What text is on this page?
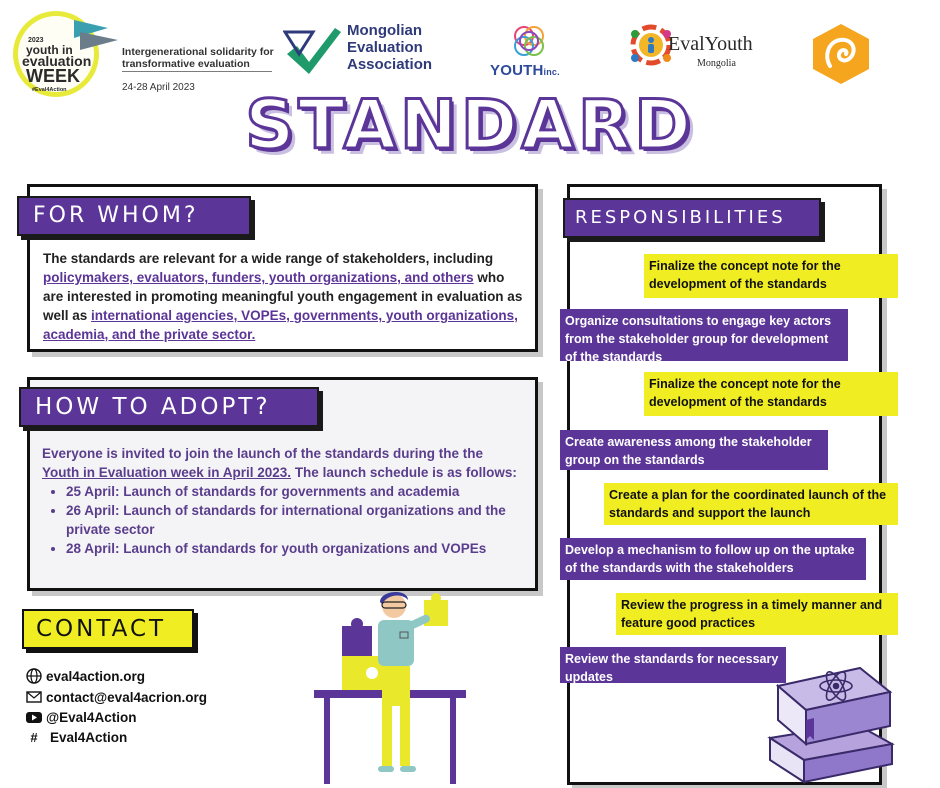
2023
youth in
evaluation
WEEK
#Eval4Action
Intergenerational solidarity for transformative evaluation
24-28 April 2023
Mongolian
Evaluation
Association	YOUTHinc.
EvalYouth
Mongolia
STANDARD
FOR WHOM?
The standards are relevant for a wide range of stakeholders, including policymakers, evaluators, funders, youth organizations, and others who are interested in promoting meaningful youth engagement in evaluation as well as international agencies, VOPEs, governments, youth organizations, academia, and the private sector.
HOW TO ADOPT?
Everyone is invited to join the launch of the standards during the the Youth in Evaluation week in April 2023. The launch schedule is as follows:
• 25 April: Launch of standards for governments and academia
• 26 April: Launch of standards for international organizations and the private sector
• 28 April: Launch of standards for youth organizations and VOPEs
RESPONSIBILITIES
Finalize the concept note for the development of the standards
Organize consultations to engage key actors from the stakeholder group for development of the standards
Finalize the concept note for the development of the standards
Create awareness among the stakeholder group on the standards
Create a plan for the coordinated launch of the standards and support the launch
Develop a mechanism to follow up on the uptake of the standards with the stakeholders
Review the progress in a timely manner and feature good practices
Review the standards for necessary updates
CONTACT
eval4action.org
contact@eval4acrion.org
@Eval4Action
# Eval4Action
